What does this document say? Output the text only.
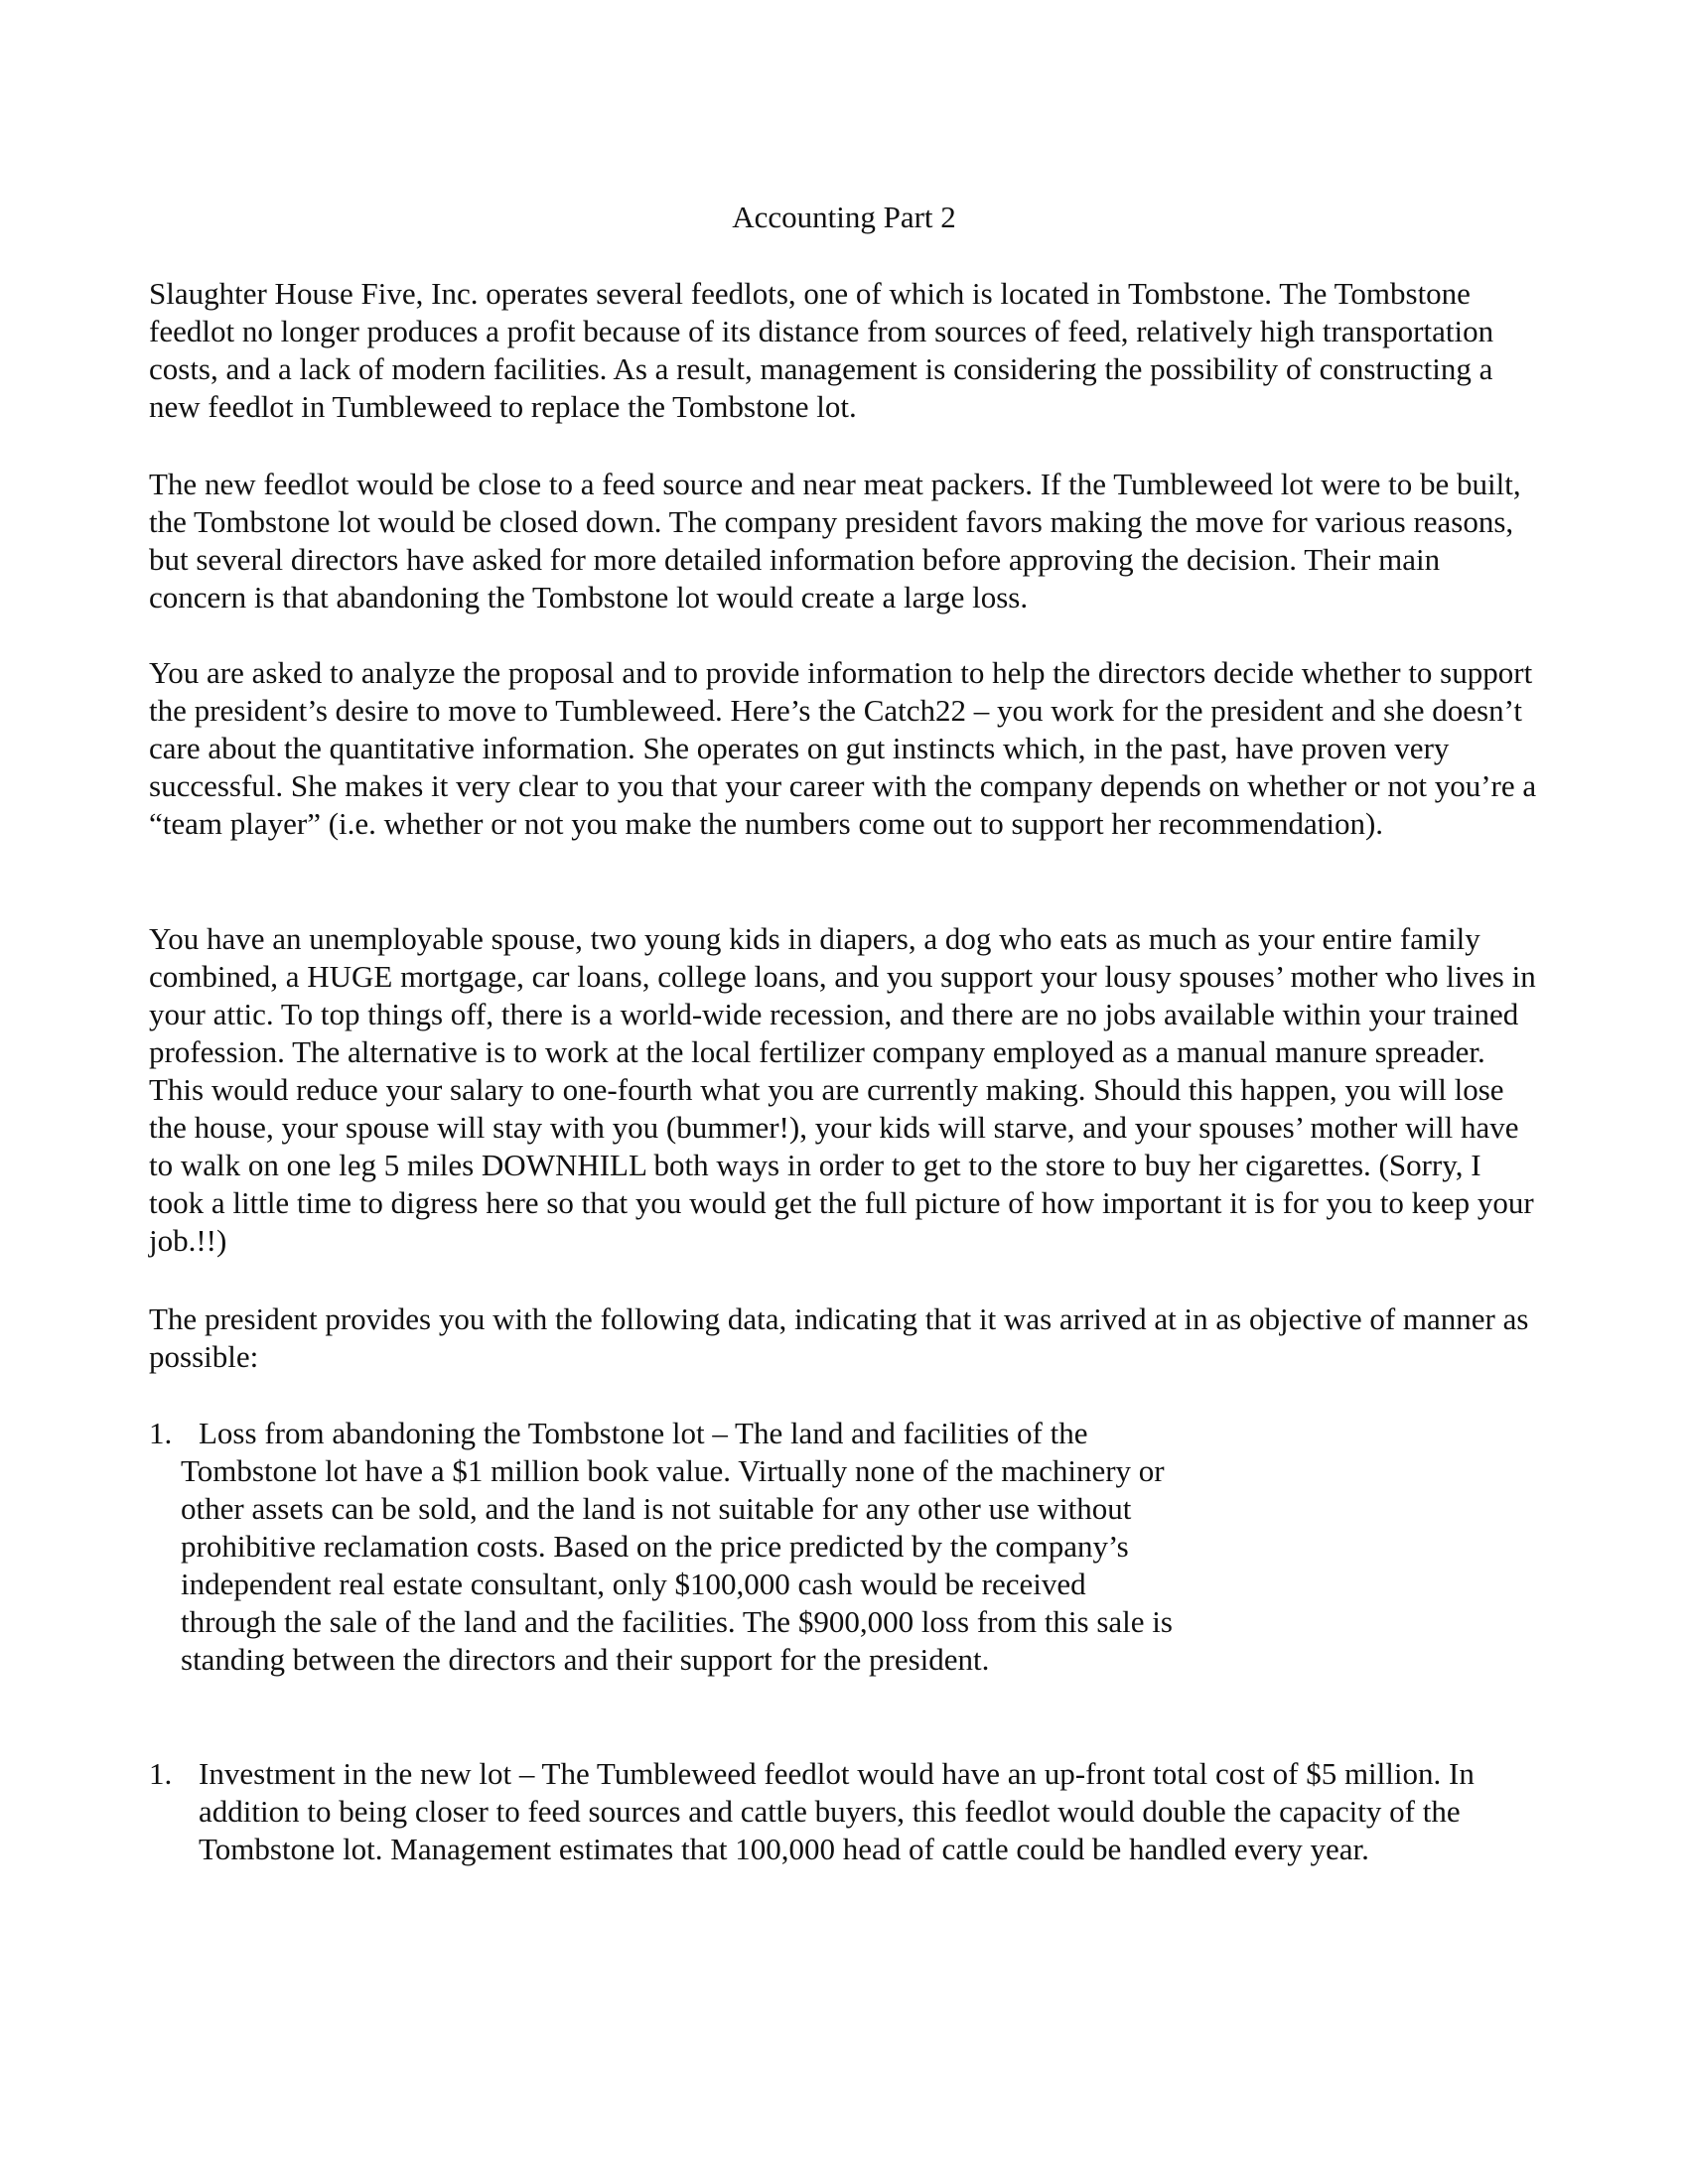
Accounting Part 2

Slaughter House Five, Inc. operates several feedlots, one of which is located in Tombstone. The Tombstone feedlot no longer produces a profit because of its distance from sources of feed, relatively high transportation costs, and a lack of modern facilities. As a result, management is considering the possibility of constructing a new feedlot in Tumbleweed to replace the Tombstone lot.

The new feedlot would be close to a feed source and near meat packers. If the Tumbleweed lot were to be built, the Tombstone lot would be closed down. The company president favors making the move for various reasons, but several directors have asked for more detailed information before approving the decision. Their main concern is that abandoning the Tombstone lot would create a large loss.

You are asked to analyze the proposal and to provide information to help the directors decide whether to support the president’s desire to move to Tumbleweed. Here’s the Catch22 – you work for the president and she doesn’t care about the quantitative information. She operates on gut instincts which, in the past, have proven very successful. She makes it very clear to you that your career with the company depends on whether or not you’re a “team player” (i.e. whether or not you make the numbers come out to support her recommendation).

You have an unemployable spouse, two young kids in diapers, a dog who eats as much as your entire family combined, a HUGE mortgage, car loans, college loans, and you support your lousy spouses’ mother who lives in your attic. To top things off, there is a world-wide recession, and there are no jobs available within your trained profession. The alternative is to work at the local fertilizer company employed as a manual manure spreader. This would reduce your salary to one-fourth what you are currently making. Should this happen, you will lose the house, your spouse will stay with you (bummer!), your kids will starve, and your spouses’ mother will have to walk on one leg 5 miles DOWNHILL both ways in order to get to the store to buy her cigarettes. (Sorry, I took a little time to digress here so that you would get the full picture of how important it is for you to keep your job.!!)

The president provides you with the following data, indicating that it was arrived at in as objective of manner as possible:

1. Loss from abandoning the Tombstone lot – The land and facilities of the Tombstone lot have a $1 million book value. Virtually none of the machinery or other assets can be sold, and the land is not suitable for any other use without prohibitive reclamation costs. Based on the price predicted by the company’s independent real estate consultant, only $100,000 cash would be received through the sale of the land and the facilities. The $900,000 loss from this sale is standing between the directors and their support for the president.
1. Investment in the new lot – The Tumbleweed feedlot would have an up-front total cost of $5 million. In addition to being closer to feed sources and cattle buyers, this feedlot would double the capacity of the Tombstone lot. Management estimates that 100,000 head of cattle could be handled every year.
